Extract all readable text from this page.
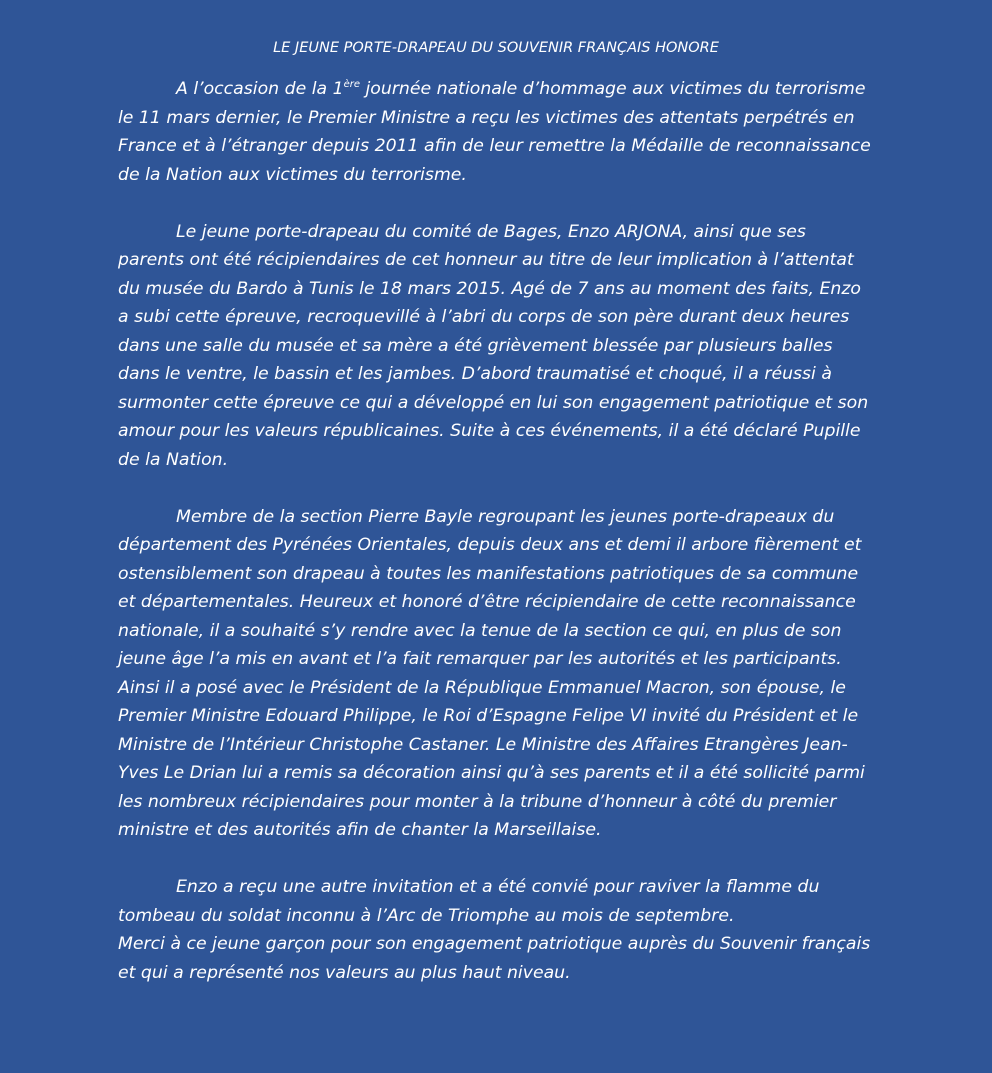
LE JEUNE PORTE-DRAPEAU DU SOUVENIR FRANÇAIS HONORE

A l’occasion de la 1ère journée nationale d’hommage aux victimes du terrorisme le 11 mars dernier, le Premier Ministre a reçu les victimes des attentats perpétrés en France et à l’étranger depuis 2011 afin de leur remettre la Médaille de reconnaissance de la Nation aux victimes du terrorisme.

Le jeune porte-drapeau du comité de Bages, Enzo ARJONA, ainsi que ses parents ont été récipiendaires de cet honneur au titre de leur implication à l’attentat du musée du Bardo à Tunis le 18 mars 2015. Agé de 7 ans au moment des faits, Enzo a subi cette épreuve, recroquevillé à l’abri du corps de son père durant deux heures dans une salle du musée et sa mère a été grièvement blessée par plusieurs balles dans le ventre, le bassin et les jambes. D’abord traumatisé et choqué, il a réussi à surmonter cette épreuve ce qui a développé en lui son engagement patriotique et son amour pour les valeurs républicaines. Suite à ces événements, il a été déclaré Pupille de la Nation.

Membre de la section Pierre Bayle regroupant les jeunes porte-drapeaux du département des Pyrénées Orientales, depuis deux ans et demi il arbore fièrement et ostensiblement son drapeau à toutes les manifestations patriotiques de sa commune et départementales. Heureux et honoré d’être récipiendaire de cette reconnaissance nationale, il a souhaité s’y rendre avec la tenue de la section ce qui, en plus de son jeune âge l’a mis en avant et l’a fait remarquer par les autorités et les participants. Ainsi il a posé avec le Président de la République Emmanuel Macron, son épouse, le Premier Ministre Edouard Philippe, le Roi d’Espagne Felipe VI invité du Président et le Ministre de l’Intérieur Christophe Castaner. Le Ministre des Affaires Etrangères Jean-Yves Le Drian lui a remis sa décoration ainsi qu’à ses parents et il a été sollicité parmi les nombreux récipiendaires pour monter à la tribune d’honneur à côté du premier ministre et des autorités afin de chanter la Marseillaise.

Enzo a reçu une autre invitation et a été convié pour raviver la flamme du tombeau du soldat inconnu à l’Arc de Triomphe au mois de septembre.
Merci à ce jeune garçon pour son engagement patriotique auprès du Souvenir français et qui a représenté nos valeurs au plus haut niveau.
